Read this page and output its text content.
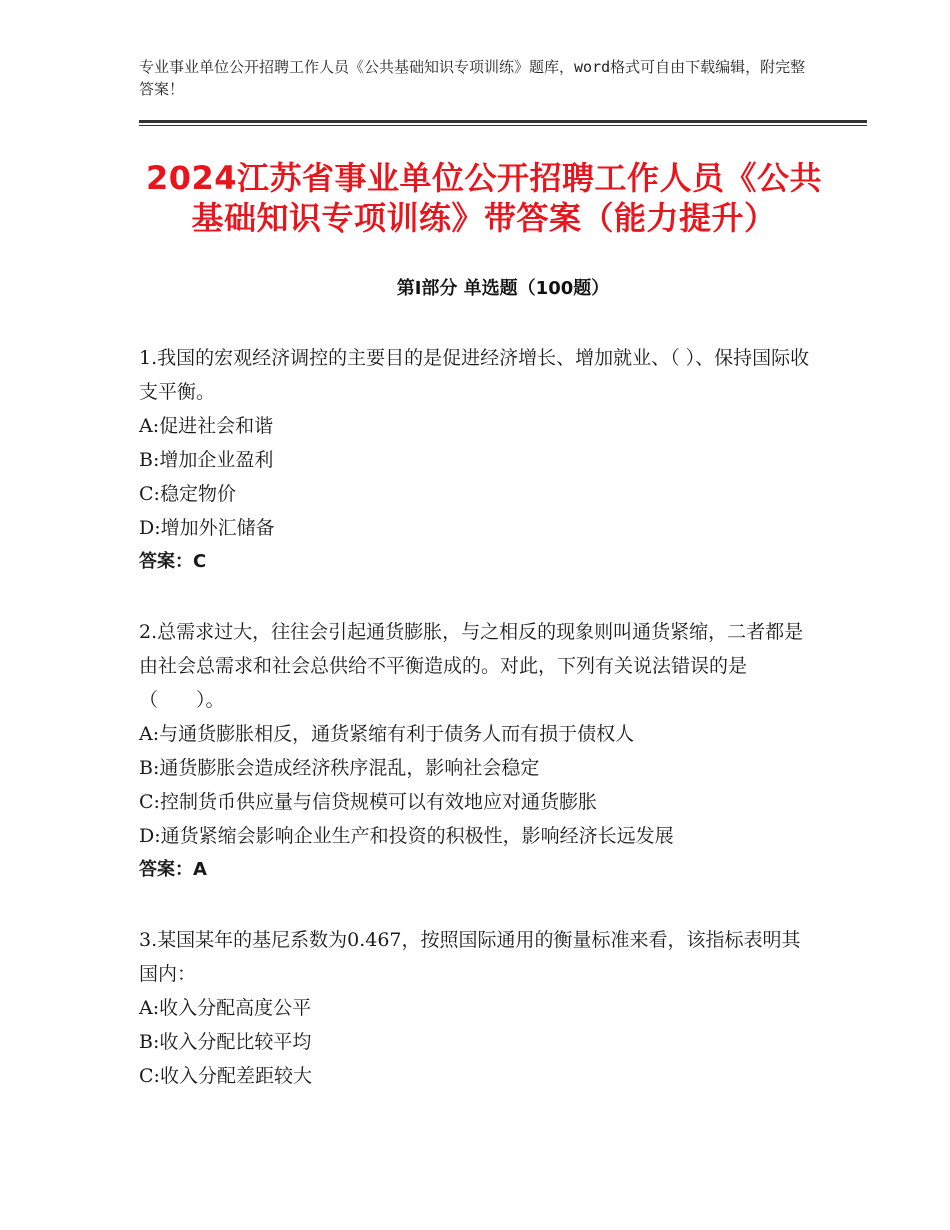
专业事业单位公开招聘工作人员《公共基础知识专项训练》题库，word格式可自由下载编辑，附完整答案！
2024江苏省事业单位公开招聘工作人员《公共基础知识专项训练》带答案（能力提升）
第Ⅰ部分 单选题（100题）
1.我国的宏观经济调控的主要目的是促进经济增长、增加就业、（ ）、保持国际收支平衡。
A:促进社会和谐
B:增加企业盈利
C:稳定物价
D:增加外汇储备
答案：C
2.总需求过大，往往会引起通货膨胀，与之相反的现象则叫通货紧缩，二者都是由社会总需求和社会总供给不平衡造成的。对此，下列有关说法错误的是（　　）。
A:与通货膨胀相反，通货紧缩有利于债务人而有损于债权人
B:通货膨胀会造成经济秩序混乱，影响社会稳定
C:控制货币供应量与信贷规模可以有效地应对通货膨胀
D:通货紧缩会影响企业生产和投资的积极性，影响经济长远发展
答案：A
3.某国某年的基尼系数为0.467，按照国际通用的衡量标准来看，该指标表明其国内：
A:收入分配高度公平
B:收入分配比较平均
C:收入分配差距较大
